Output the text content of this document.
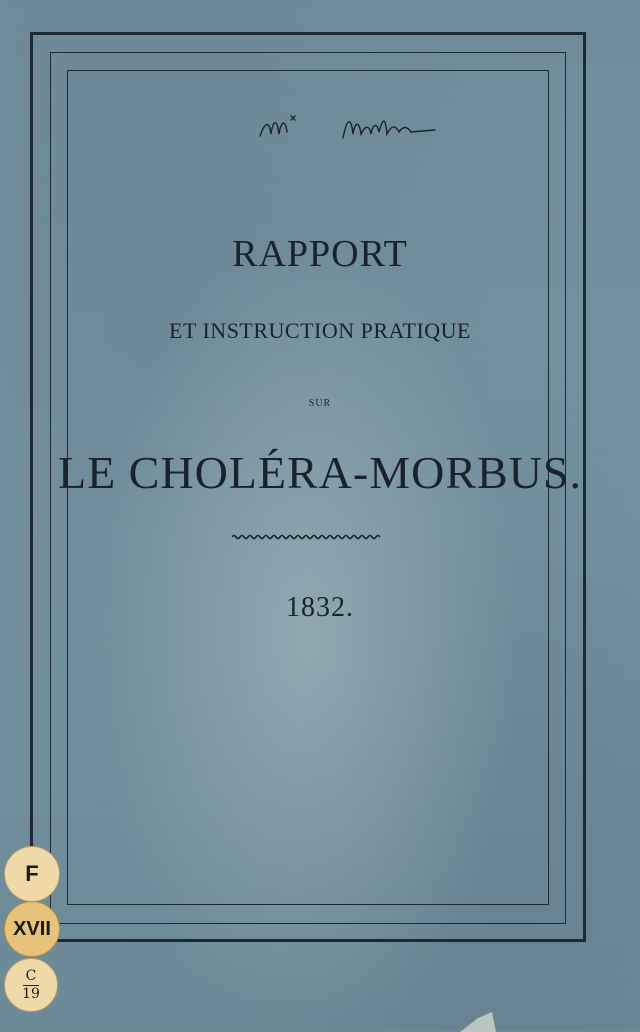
RAPPORT
ET INSTRUCTION PRATIQUE
SUR
LE CHOLÉRA-MORBUS.
1832.
F
XVII
C
19
